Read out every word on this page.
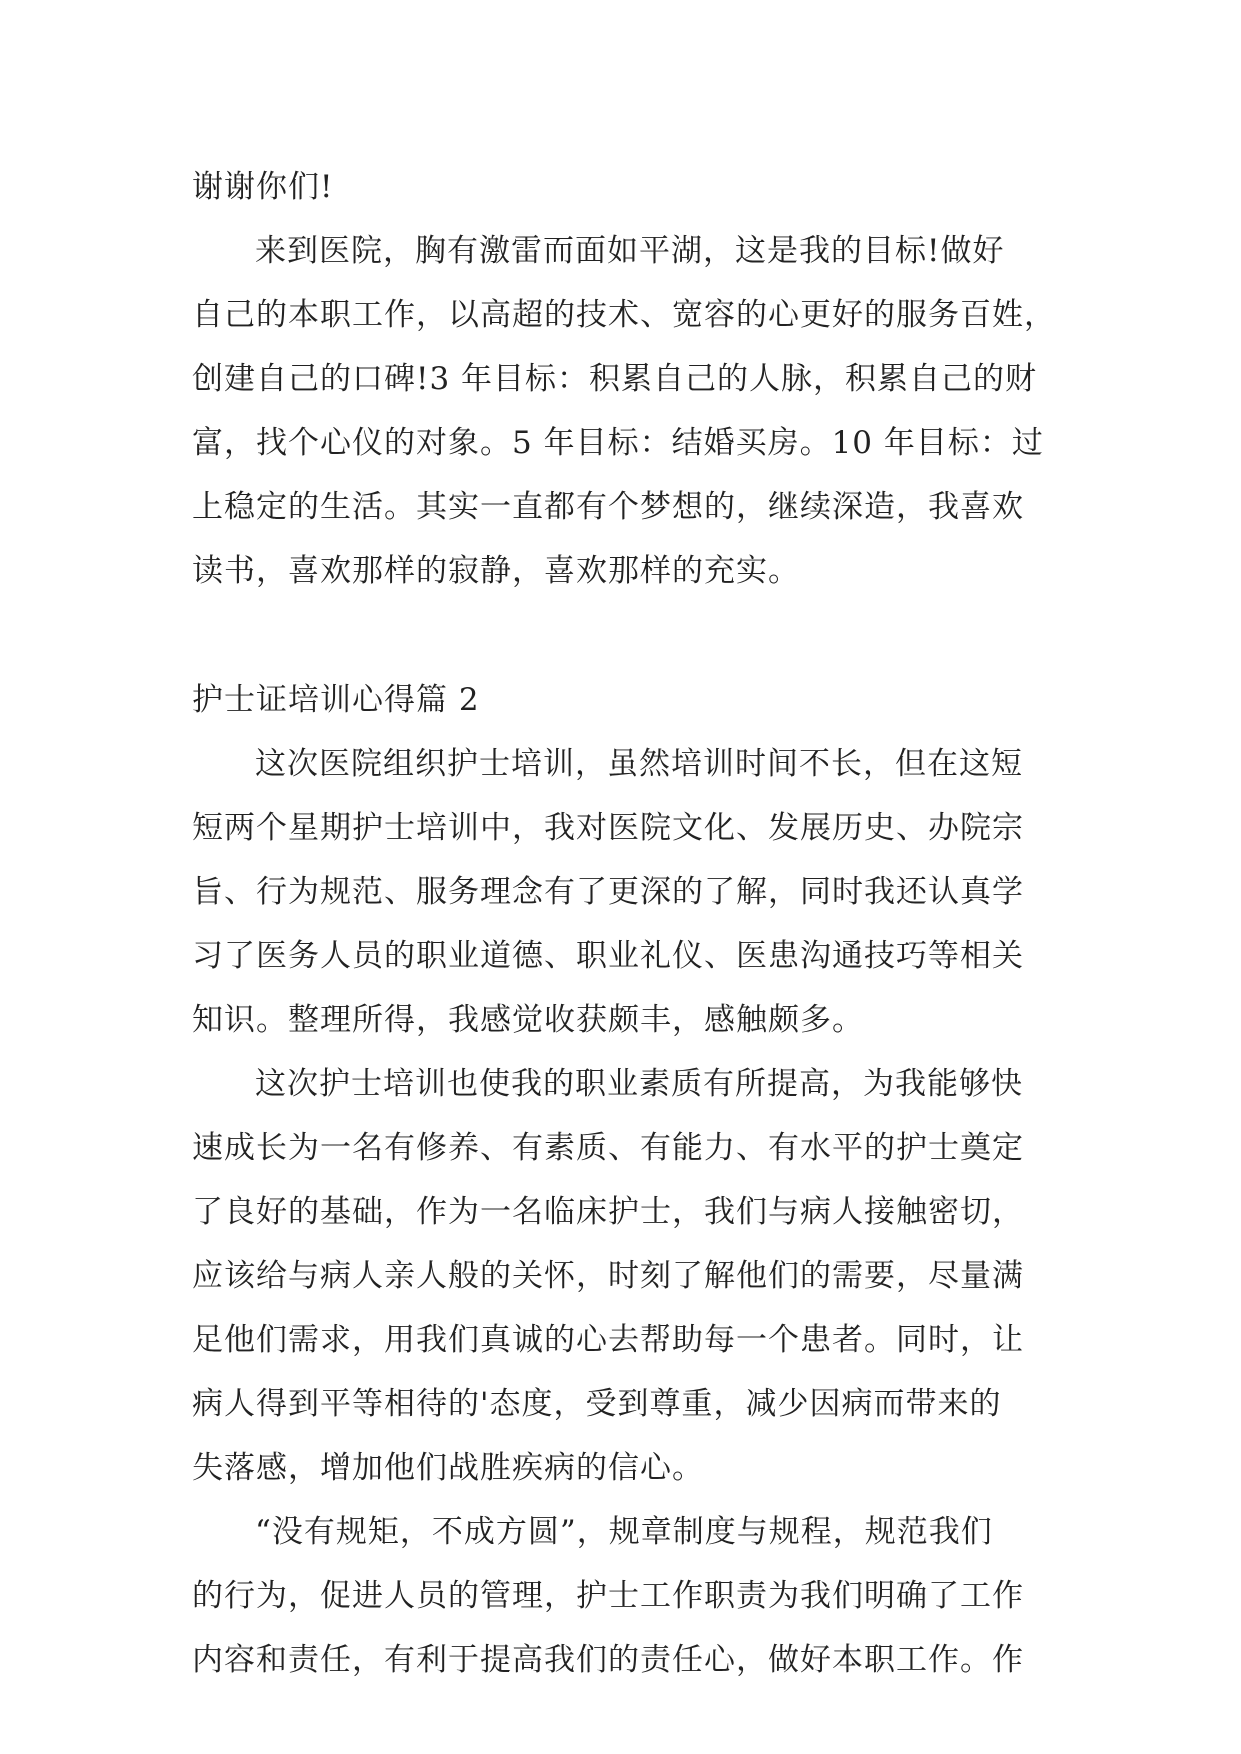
谢谢你们!
来到医院，胸有激雷而面如平湖，这是我的目标!做好
自己的本职工作，以高超的技术、宽容的心更好的服务百姓，
创建自己的口碑!3 年目标：积累自己的人脉，积累自己的财
富，找个心仪的对象。5 年目标：结婚买房。10 年目标：过
上稳定的生活。其实一直都有个梦想的，继续深造，我喜欢
读书，喜欢那样的寂静，喜欢那样的充实。
护士证培训心得篇 2
这次医院组织护士培训，虽然培训时间不长，但在这短
短两个星期护士培训中，我对医院文化、发展历史、办院宗
旨、行为规范、服务理念有了更深的了解，同时我还认真学
习了医务人员的职业道德、职业礼仪、医患沟通技巧等相关
知识。整理所得，我感觉收获颇丰，感触颇多。
这次护士培训也使我的职业素质有所提高，为我能够快
速成长为一名有修养、有素质、有能力、有水平的护士奠定
了良好的基础，作为一名临床护士，我们与病人接触密切，
应该给与病人亲人般的关怀，时刻了解他们的需要，尽量满
足他们需求，用我们真诚的心去帮助每一个患者。同时，让
病人得到平等相待的'态度，受到尊重，减少因病而带来的
失落感，增加他们战胜疾病的信心。
“没有规矩，不成方圆”，规章制度与规程，规范我们
的行为，促进人员的管理，护士工作职责为我们明确了工作
内容和责任，有利于提高我们的责任心，做好本职工作。作
